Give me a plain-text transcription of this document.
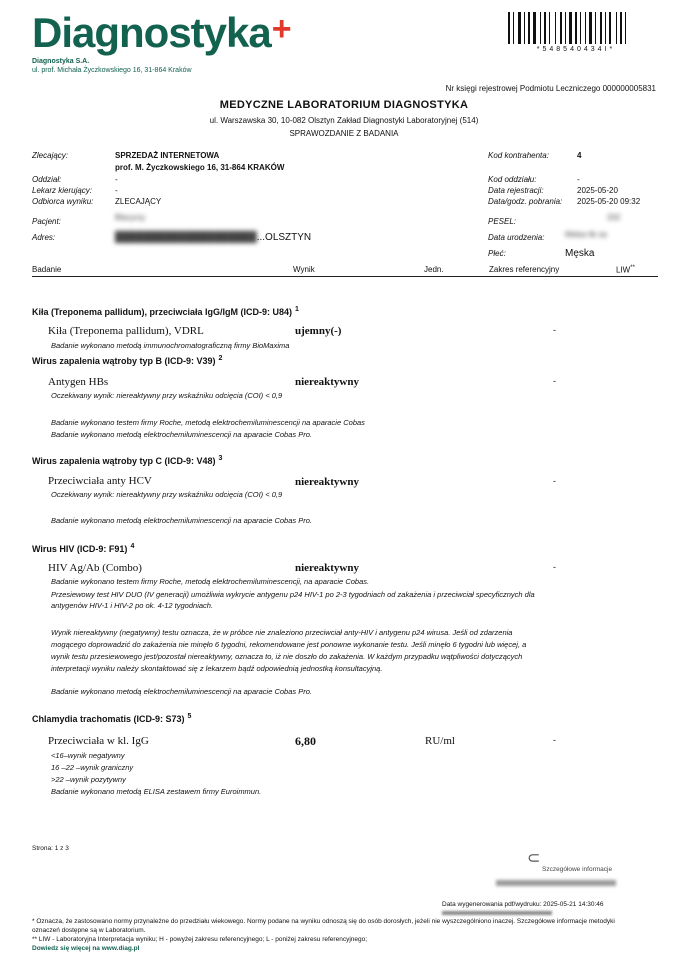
Diagnostyka+
Diagnostyka S.A.
ul. prof. Michała Życzkowskiego 16, 31-864 Kraków
*548540434I*
Nr księgi rejestrowej Podmiotu Leczniczego 000000005831
MEDYCZNE LABORATORIUM DIAGNOSTYKA
ul. Warszawska 30, 10-082 Olsztyn Zakład Diagnostyki Laboratoryjnej (514)
SPRAWOZDANIE Z BADANIA
Zlecający:	SPRZEDAŻ INTERNETOWA
prof. M. Życzkowskiego 16, 31-864 KRAKÓW
Oddział:	-
Lekarz kierujący:	-
Odbiorca wyniku:	ZLECAJĄCY
Pacjent:	Blacyrzy
Adres:	████████████████████...OLSZTYN
Kod kontrahenta:	4
Kod oddziału:	-
Data rejestracji:	2025-05-20
Data/godz. pobrania: 2025-05-20 09:32
PESEL:	202
Data urodzenia:	Mełsa lik sa
Płeć:	Męska
Badanie	Wynik	Jedn.	Zakres referencyjny	LIW**
Kiła (Treponema pallidum), przeciwciała IgG/IgM (ICD-9: U84) $^1$
Kiła (Treponema pallidum), VDRL	ujemny(-)	-
Badanie wykonano metodą immunochromatograficzną firmy BioMaxima
Wirus zapalenia wątroby typ B (ICD-9: V39) $^2$
Antygen HBs	niereaktywny	-
Oczekiwany wynik: niereaktywny przy wskaźniku odcięcia (COI) < 0,9
Badanie wykonano testem firmy Roche, metodą elektrochemiluminescencji na aparacie Cobas
Badanie wykonano metodą elektrochemiluminescencji na aparacie Cobas Pro.
Wirus zapalenia wątroby typ C (ICD-9: V48) $^3$
Przeciwciała anty HCV	niereaktywny	-
Oczekiwany wynik: niereaktywny przy wskaźniku odcięcia (COI) < 0,9
Badanie wykonano metodą elektrochemiluminescencji na aparacie Cobas Pro.
Wirus HIV (ICD-9: F91) $^4$
HIV Ag/Ab (Combo)	niereaktywny	-
Badanie wykonano testem firmy Roche, metodą elektrochemiluminescencji, na aparacie Cobas.
Przesiewowy test HIV DUO (IV generacji) umożliwia wykrycie antygenu p24 HIV-1 po 2-3 tygodniach od zakażenia i przeciwciał specyficznych dla
antygenów HIV-1 i HIV-2 po ok. 4-12 tygodniach.
Wynik niereaktywny (negatywny) testu oznacza, że w próbce nie znaleziono przeciwciał anty-HIV i antygenu p24 wirusa. Jeśli od zdarzenia
mogącego doprowadzić do zakażenia nie minęło 6 tygodni, rekomendowane jest ponowne wykonanie testu. Jeśli minęło 6 tygodni lub więcej, a
wynik testu przesiewowego jest/pozostał niereaktywny, oznacza to, iż nie doszło do zakażenia. W każdym przypadku wątpliwości dotyczących
interpretacji wyniku należy skontaktować się z lekarzem bądź odpowiednią jednostką konsultacyjną.
Badanie wykonano metodą elektrochemiluminescencji na aparacie Cobas Pro.
Chlamydia trachomatis (ICD-9: S73) $^5$
Przeciwciała w kl. IgG	6,80	RU/ml	-
<16–wynik negatywny
16 –22 –wynik graniczny
>22 –wynik pozytywny
Badanie wykonano metodą ELISA zestawem firmy Euroimmun.
Strona: 1 z 3
⊂
Szczegółowe informacje
Data wygenerowania pdf/wydruku: 2025-05-21 14:30:46
* Oznacza, że zastosowano normy przynależne do przedziału wiekowego. Normy podane na wyniku odnoszą się do osób dorosłych, jeżeli nie wyszczególniono inaczej. Szczegółowe informacje metodyki
oznaczeń dostępne są w Laboratorium.
** LIW - Laboratoryjna Interpretacja wyniku; H - powyżej zakresu referencyjnego; L - poniżej zakresu referencyjnego;
Dowiedz się więcej na www.diag.pl
